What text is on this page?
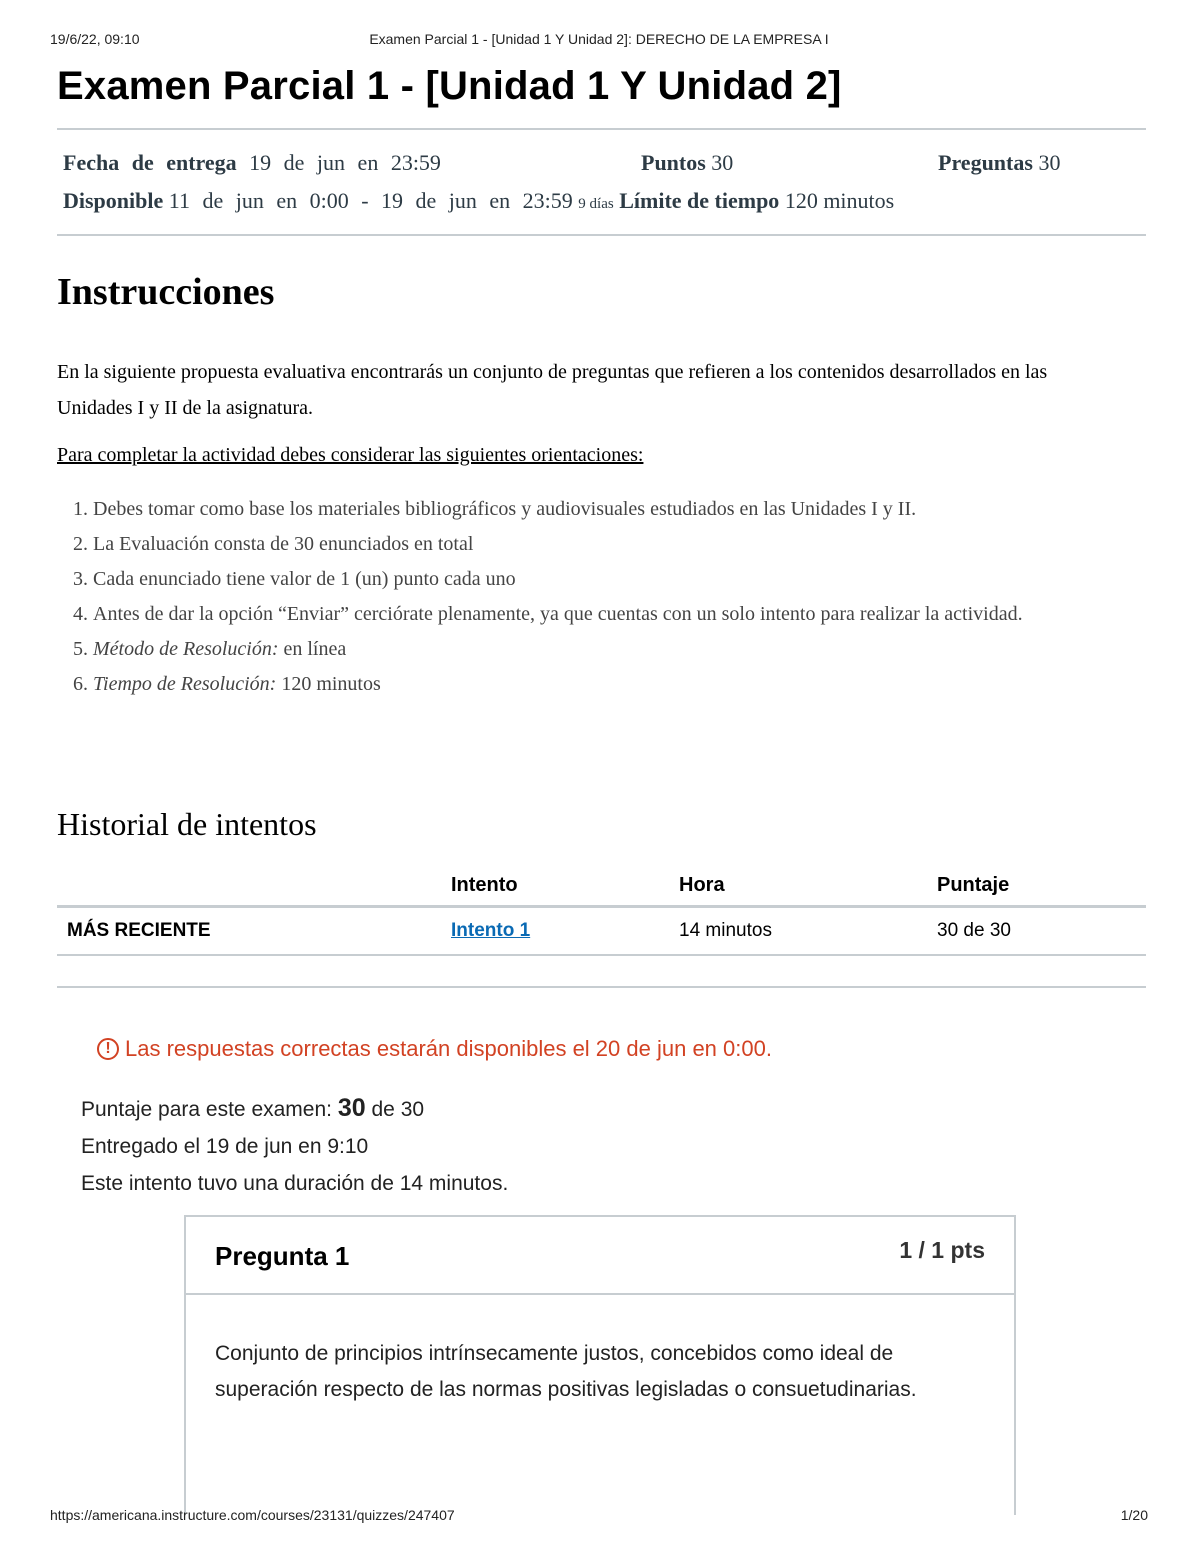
19/6/22, 09:10	Examen Parcial 1 - [Unidad 1 Y Unidad 2]: DERECHO DE LA EMPRESA I
Examen Parcial 1 - [Unidad 1 Y Unidad 2]
Fecha de entrega 19 de jun en 23:59	Puntos 30	Preguntas 30
Disponible 11 de jun en 0:00 - 19 de jun en 23:59 9 días Límite de tiempo 120 minutos
Instrucciones

En la siguiente propuesta evaluativa encontrarás un conjunto de preguntas que refieren a los contenidos desarrollados en las Unidades I y II de la asignatura.

Para completar la actividad debes considerar las siguientes orientaciones:

1. Debes tomar como base los materiales bibliográficos y audiovisuales estudiados en las Unidades I y II.
2. La Evaluación consta de 30 enunciados en total
3. Cada enunciado tiene valor de 1 (un) punto cada uno
4. Antes de dar la opción “Enviar” cerciórate plenamente, ya que cuentas con un solo intento para realizar la actividad.
5. Método de Resolución: en línea
6. Tiempo de Resolución: 120 minutos
Historial de intentos
	Intento	Hora	Puntaje
MÁS RECIENTE	Intento 1	14 minutos	30 de 30
! Las respuestas correctas estarán disponibles el 20 de jun en 0:00.
Puntaje para este examen: 30 de 30
Entregado el 19 de jun en 9:10
Este intento tuvo una duración de 14 minutos.
Pregunta 1	1 / 1 pts
Conjunto de principios intrínsecamente justos, concebidos como ideal de superación respecto de las normas positivas legisladas o consuetudinarias.
https://americana.instructure.com/courses/23131/quizzes/247407	1/20
